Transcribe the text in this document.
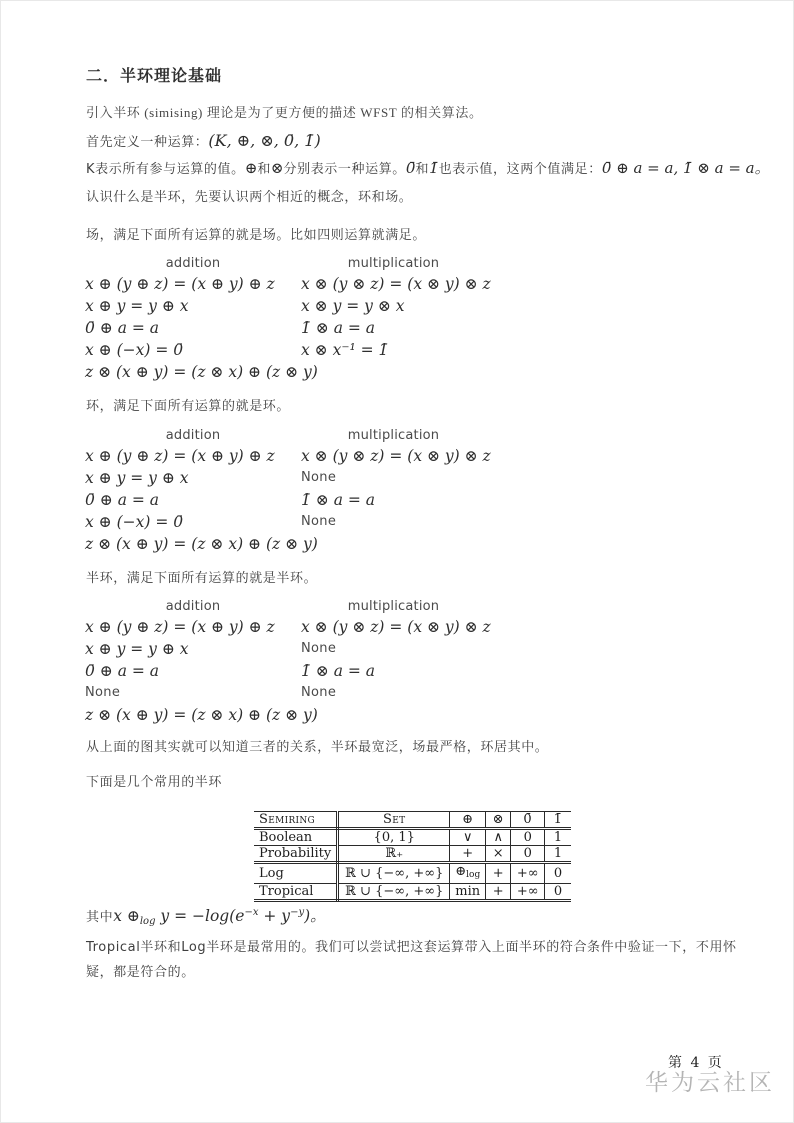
二．半环理论基础
引入半环 (simising) 理论是为了更方便的描述 WFST 的相关算法。
首先定义一种运算： (K, ⊕, ⊗, 0̄, 1̄)
K表示所有参与运算的值。 ⊕ 和 ⊗ 分别表示一种运算。 0̄ 和 1̄ 也表示值，这两个值满足： 0̄ ⊕ a = a, 1̄ ⊗ a = a。
认识什么是半环，先要认识两个相近的概念，环和场。
场，满足下面所有运算的就是场。比如四则运算就满足。
addition	multiplication
x ⊕ (y ⊕ z) = (x ⊕ y) ⊕ z	x ⊗ (y ⊗ z) = (x ⊗ y) ⊗ z
x ⊕ y = y ⊕ x	x ⊗ y = y ⊗ x
0̄ ⊕ a = a	1̄ ⊗ a = a
x ⊕ (−x) = 0̄	x ⊗ x⁻¹ = 1̄
z ⊗ (x ⊕ y) = (z ⊗ x) ⊕ (z ⊗ y)
环，满足下面所有运算的就是环。
addition	multiplication
x ⊕ (y ⊕ z) = (x ⊕ y) ⊕ z	x ⊗ (y ⊗ z) = (x ⊗ y) ⊗ z
x ⊕ y = y ⊕ x	None
0̄ ⊕ a = a	1̄ ⊗ a = a
x ⊕ (−x) = 0̄	None
z ⊗ (x ⊕ y) = (z ⊗ x) ⊕ (z ⊗ y)
半环，满足下面所有运算的就是半环。
addition	multiplication
x ⊕ (y ⊕ z) = (x ⊕ y) ⊕ z	x ⊗ (y ⊗ z) = (x ⊗ y) ⊗ z
x ⊕ y = y ⊕ x	None
0̄ ⊕ a = a	1̄ ⊗ a = a
None	None
z ⊗ (x ⊕ y) = (z ⊗ x) ⊕ (z ⊗ y)
从上面的图其实就可以知道三者的关系，半环最宽泛，场最严格，环居其中。
下面是几个常用的半环
Semiring	Set	⊕	⊗	0̄	1̄
Boolean	{0, 1}	∨	∧	0	1
Probability	ℝ₊	+	×	0	1
Log	ℝ ∪ {−∞, +∞}	$\oplus_{log}$	+	+∞	0
Tropical	ℝ ∪ {−∞, +∞}	min	+	+∞	0
其中 x $\oplus_{log}$ $y = -\log(e^{-x} + y^{-y})$。
Tropical半环和Log半环是最常用的。我们可以尝试把这套运算带入上面半环的符合条件中验证一下，不用怀疑，都是符合的。
华为云社区
第 4 页
